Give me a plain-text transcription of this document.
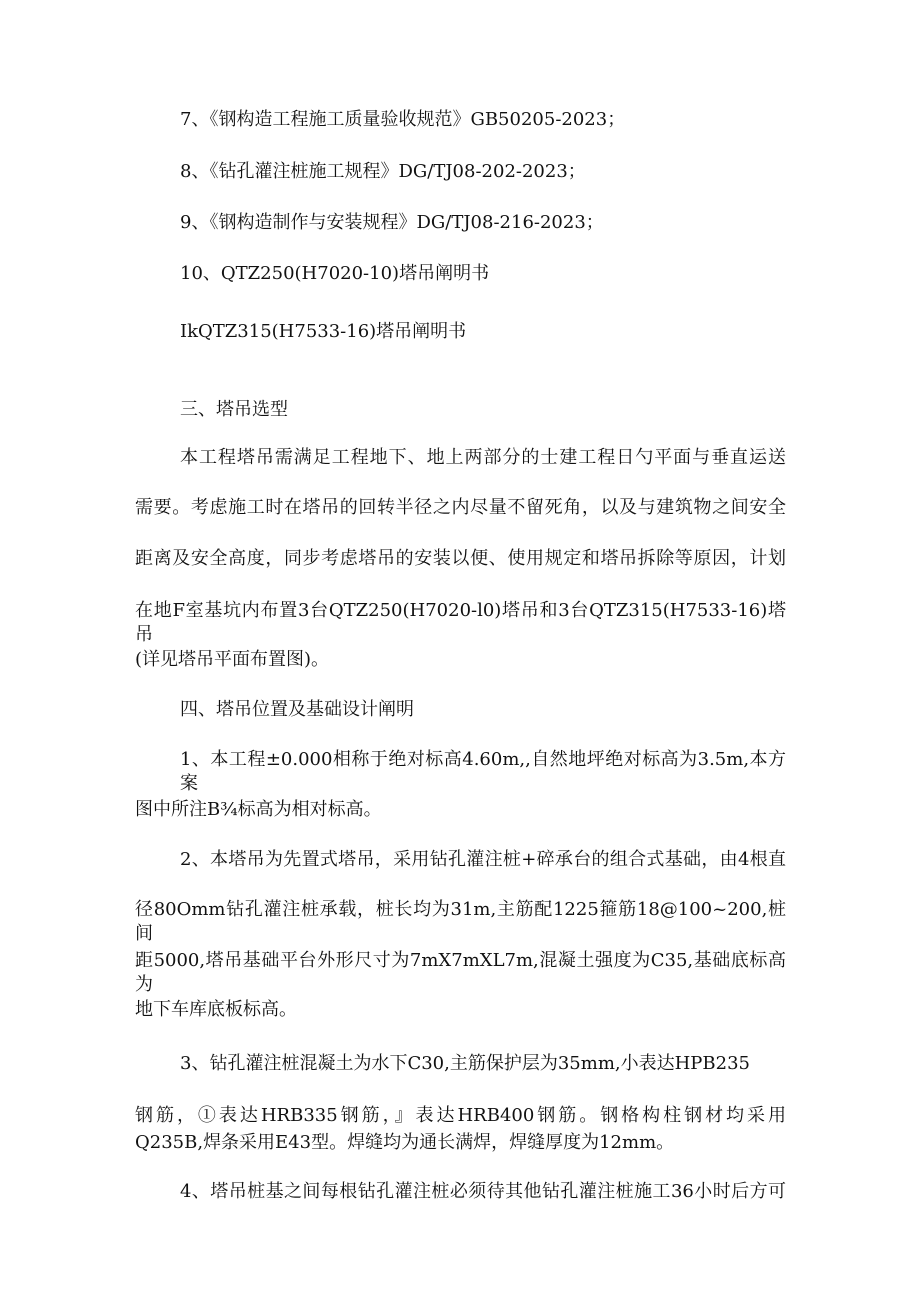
7、《钢构造工程施工质量验收规范》GB50205-2023；
8、《钻孔灌注桩施工规程》DG/TJ08-202-2023；
9、《钢构造制作与安装规程》DG/TJ08-216-2023；
10、QTZ250(H7020-10)塔吊阐明书
IkQTZ315(H7533-16)塔吊阐明书
三、塔吊选型
本工程塔吊需满足工程地下、地上两部分的士建工程日勺平面与垂直运送
需要。考虑施工时在塔吊的回转半径之内尽量不留死角，以及与建筑物之间安全
距离及安全高度，同步考虑塔吊的安装以便、使用规定和塔吊拆除等原因，计划
在地F室基坑内布置3台QTZ250(H7020-l0)塔吊和3台QTZ315(H7533-16)塔吊
(详见塔吊平面布置图)。
四、塔吊位置及基础设计阐明
1、本工程±0.000相称于绝对标高4.60m,,自然地坪绝对标高为3.5m,本方案
图中所注B¾标高为相对标高。
2、本塔吊为先置式塔吊，采用钻孔灌注桩+碎承台的组合式基础，由4根直
径80Omm钻孔灌注桩承载，桩长均为31m,主筋配1225箍筋18@100~200,桩间
距5000,塔吊基础平台外形尺寸为7mX7mXL7m,混凝土强度为C35,基础底标高为
地下车库底板标高。
3、钻孔灌注桩混凝土为水下C30,主筋保护层为35mm,小表达HPB235
钢筋，①表达HRB335钢筋，』表达HRB400钢筋。钢格构柱钢材均采用
Q235B,焊条采用E43型。焊缝均为通长满焊，焊缝厚度为12mm。
4、塔吊桩基之间每根钻孔灌注桩必须待其他钻孔灌注桩施工36小时后方可
